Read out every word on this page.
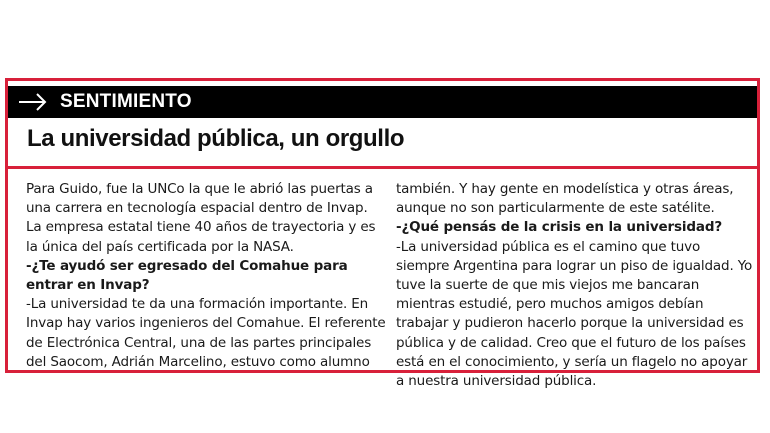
SENTIMIENTO
La universidad pública, un orgullo

Para Guido, fue la UNCo la que le abrió las puertas a una carrera en tecnología espacial dentro de Invap. La empresa estatal tiene 40 años de trayectoria y es la única del país certificada por la NASA.

-¿Te ayudó ser egresado del Comahue para entrar en Invap?

-La universidad te da una formación importante. En Invap hay varios ingenieros del Comahue. El referente de Electrónica Central, una de las partes principales del Saocom, Adrián Marcelino, estuvo como alumno

también. Y hay gente en modelística y otras áreas, aunque no son particularmente de este satélite.

-¿Qué pensás de la crisis en la universidad?

-La universidad pública es el camino que tuvo siempre Argentina para lograr un piso de igualdad. Yo tuve la suerte de que mis viejos me bancaran mientras estudié, pero muchos amigos debían trabajar y pudieron hacerlo porque la universidad es pública y de calidad. Creo que el futuro de los países está en el conocimiento, y sería un flagelo no apoyar a nuestra universidad pública.
